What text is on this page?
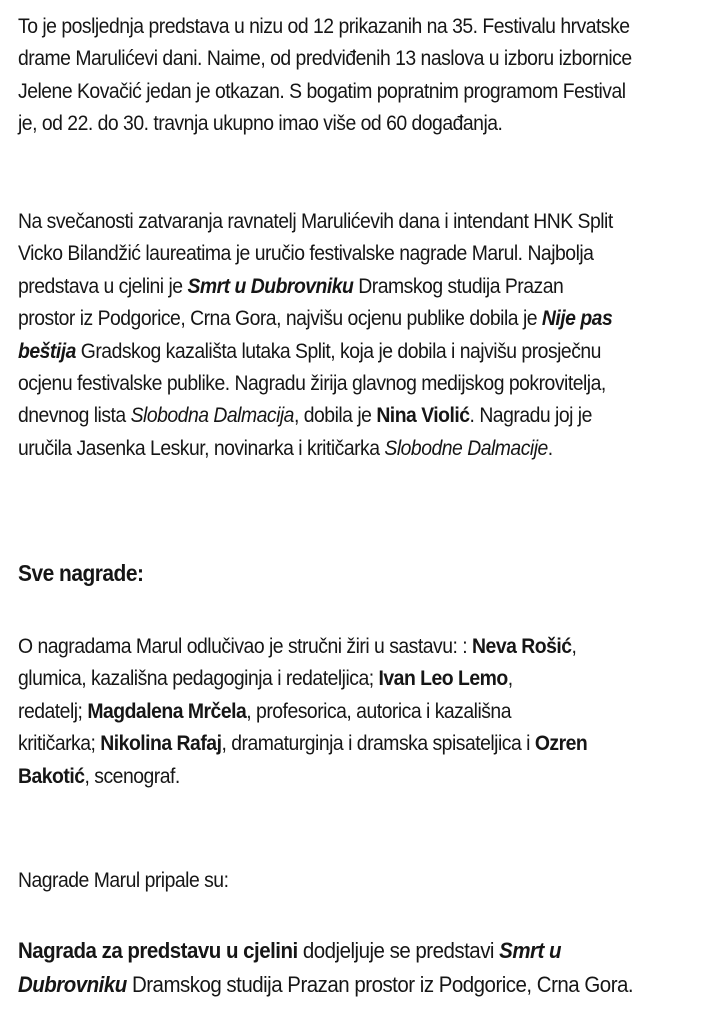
To je posljednja predstava u nizu od 12 prikazanih na 35. Festivalu hrvatske
drame Marulićevi dani. Naime, od predviđenih 13 naslova u izboru izbornice
Jelene Kovačić jedan je otkazan. S bogatim popratnim programom Festival
je, od 22. do 30. travnja ukupno imao više od 60 događanja.

Na svečanosti zatvaranja ravnatelj Marulićevih dana i intendant HNK Split
Vicko Bilandžić laureatima je uručio festivalske nagrade Marul. Najbolja
predstava u cjelini je Smrt u Dubrovniku Dramskog studija Prazan
prostor iz Podgorice, Crna Gora, najvišu ocjenu publike dobila je Nije pas
beštija Gradskog kazališta lutaka Split, koja je dobila i najvišu prosječnu
ocjenu festivalske publike. Nagradu žirija glavnog medijskog pokrovitelja,
dnevnog lista Slobodna Dalmacija, dobila je Nina Violić. Nagradu joj je
uručila Jasenka Leskur, novinarka i kritičarka Slobodne Dalmacije.

Sve nagrade:

O nagradama Marul odlučivao je stručni žiri u sastavu: : Neva Rošić,
glumica, kazališna pedagoginja i redateljica; Ivan Leo Lemo,
redatelj; Magdalena Mrčela, profesorica, autorica i kazališna
kritičarka; Nikolina Rafaj, dramaturginja i dramska spisateljica i Ozren
Bakotić, scenograf.

Nagrade Marul pripale su:

Nagrada za predstavu u cjelini dodjeljuje se predstavi Smrt u
Dubrovniku Dramskog studija Prazan prostor iz Podgorice, Crna Gora.
